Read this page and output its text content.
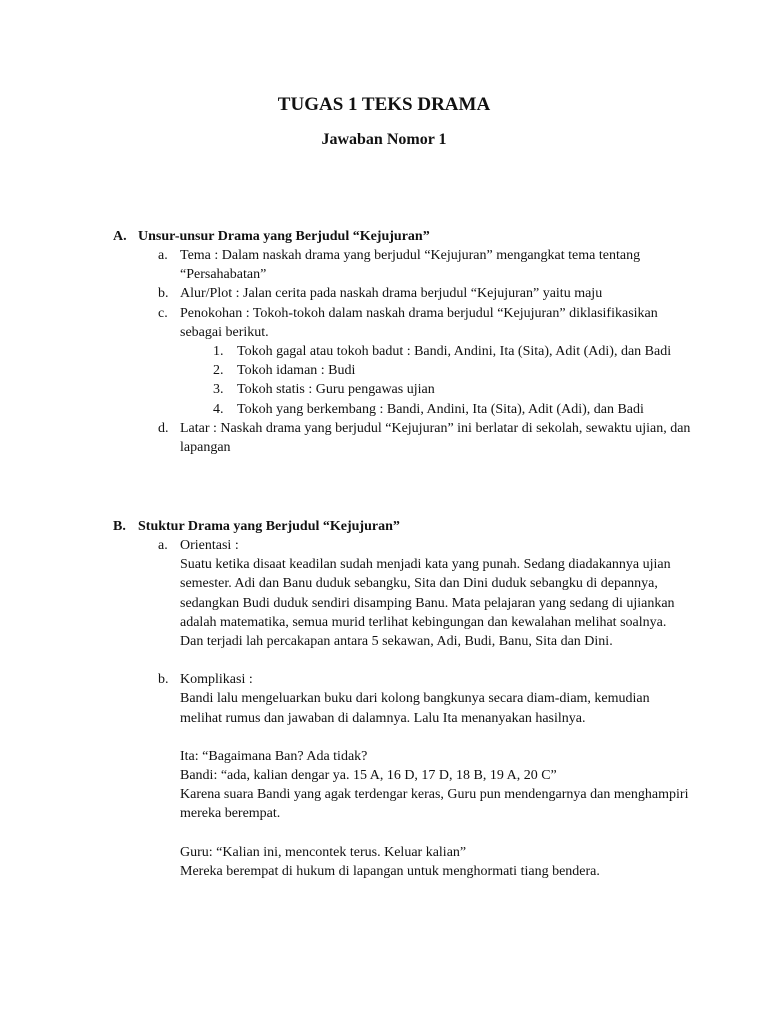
TUGAS 1 TEKS DRAMA
Jawaban Nomor 1
A. Unsur-unsur Drama yang Berjudul “Kejujuran”
a. Tema : Dalam naskah drama yang berjudul “Kejujuran” mengangkat tema tentang “Persahabatan”
b. Alur/Plot : Jalan cerita pada naskah drama berjudul “Kejujuran” yaitu maju
c. Penokohan : Tokoh-tokoh dalam naskah drama berjudul “Kejujuran” diklasifikasikan sebagai berikut.
1. Tokoh gagal atau tokoh badut : Bandi, Andini, Ita (Sita), Adit (Adi), dan Badi
2. Tokoh idaman : Budi
3. Tokoh statis : Guru pengawas ujian
4. Tokoh yang berkembang : Bandi, Andini, Ita (Sita), Adit (Adi), dan Badi
d. Latar : Naskah drama yang berjudul “Kejujuran” ini berlatar di sekolah, sewaktu ujian, dan lapangan
B. Stuktur Drama yang Berjudul “Kejujuran”
a. Orientasi :
Suatu ketika disaat keadilan sudah menjadi kata yang punah. Sedang diadakannya ujian semester. Adi dan Banu duduk sebangku, Sita dan Dini duduk sebangku di depannya, sedangkan Budi duduk sendiri disamping Banu. Mata pelajaran yang sedang di ujiankan adalah matematika, semua murid terlihat kebingungan dan kewalahan melihat soalnya. Dan terjadi lah percakapan antara 5 sekawan, Adi, Budi, Banu, Sita dan Dini.
b. Komplikasi :
Bandi lalu mengeluarkan buku dari kolong bangkunya secara diam-diam, kemudian melihat rumus dan jawaban di dalamnya. Lalu Ita menanyakan hasilnya.
Ita: “Bagaimana Ban? Ada tidak?
Bandi: “ada, kalian dengar ya. 15 A, 16 D, 17 D, 18 B, 19 A, 20 C”
Karena suara Bandi yang agak terdengar keras, Guru pun mendengarnya dan menghampiri mereka berempat.
Guru: “Kalian ini, mencontek terus. Keluar kalian”
Mereka berempat di hukum di lapangan untuk menghormati tiang bendera.
